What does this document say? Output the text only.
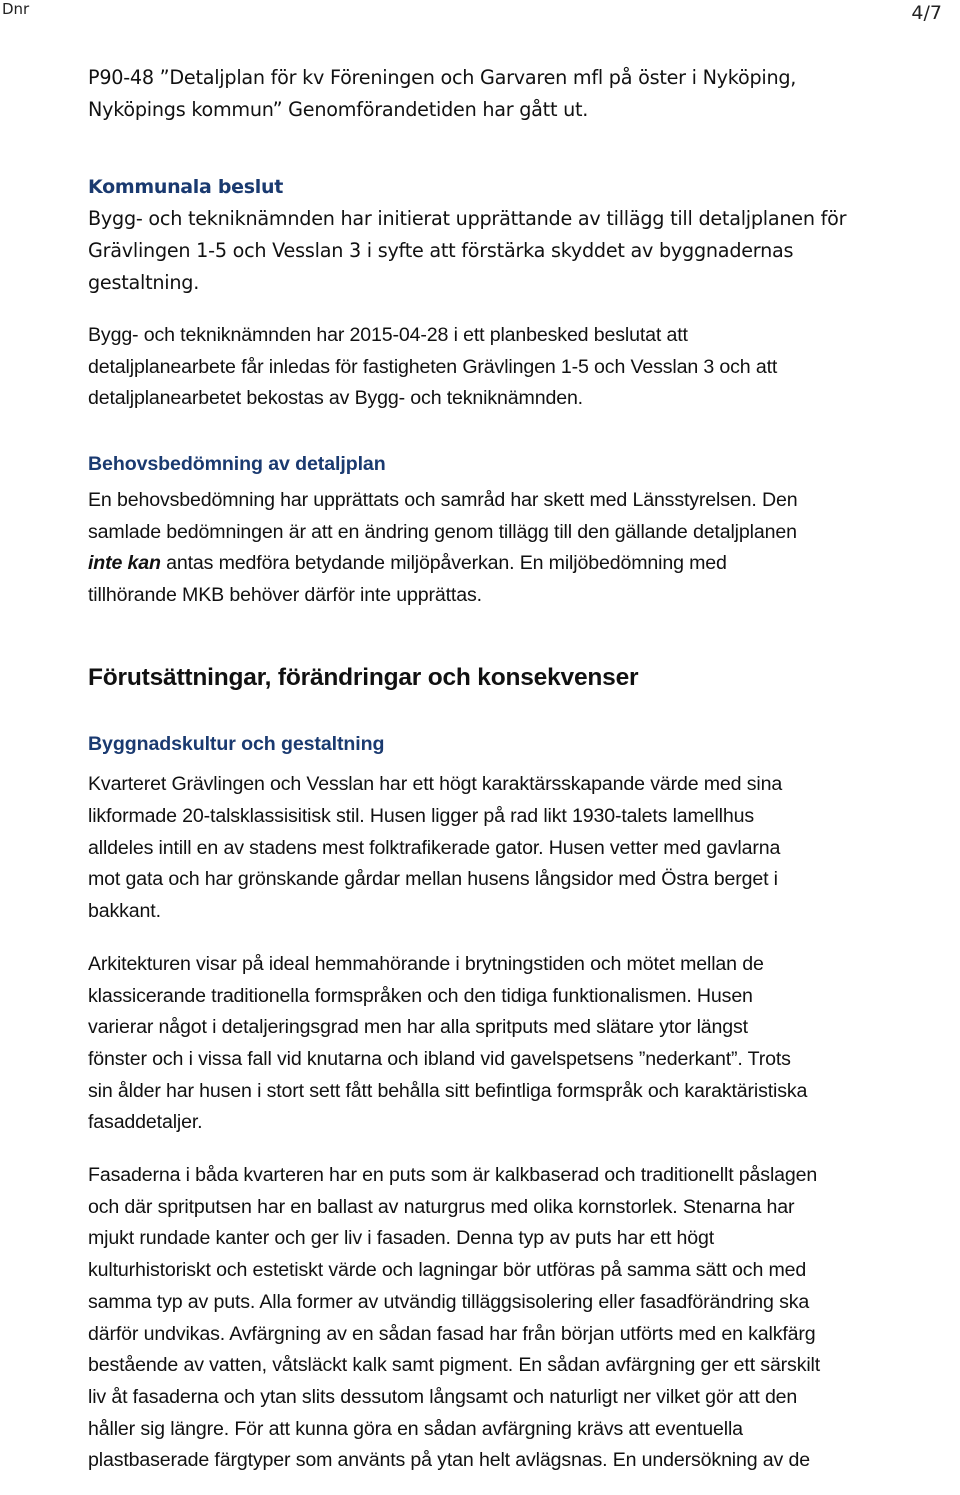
Dnr	4/7
P90-48 ”Detaljplan för kv Föreningen och Garvaren mfl på öster i Nyköping,
Nyköpings kommun” Genomförandetiden har gått ut.
Kommunala beslut
Bygg- och tekniknämnden har initierat upprättande av tillägg till detaljplanen för
Grävlingen 1-5 och Vesslan 3 i syfte att förstärka skyddet av byggnadernas
gestaltning.
Bygg- och tekniknämnden har 2015-04-28 i ett planbesked beslutat att
detaljplanearbete får inledas för fastigheten Grävlingen 1-5 och Vesslan 3 och att
detaljplanearbetet bekostas av Bygg- och tekniknämnden.
Behovsbedömning av detaljplan
En behovsbedömning har upprättats och samråd har skett med Länsstyrelsen. Den
samlade bedömningen är att en ändring genom tillägg till den gällande detaljplanen
inte kan antas medföra betydande miljöpåverkan. En miljöbedömning med
tillhörande MKB behöver därför inte upprättas.
Förutsättningar, förändringar och konsekvenser
Byggnadskultur och gestaltning
Kvarteret Grävlingen och Vesslan har ett högt karaktärsskapande värde med sina
likformade 20-talsklassisitisk stil. Husen ligger på rad likt 1930-talets lamellhus
alldeles intill en av stadens mest folktrafikerade gator. Husen vetter med gavlarna
mot gata och har grönskande gårdar mellan husens långsidor med Östra berget i
bakkant.
Arkitekturen visar på ideal hemmahörande i brytningstiden och mötet mellan de
klassicerande traditionella formspråken och den tidiga funktionalismen. Husen
varierar något i detaljeringsgrad men har alla spritputs med slätare ytor längst
fönster och i vissa fall vid knutarna och ibland vid gavelspetsens ”nederkant”. Trots
sin ålder har husen i stort sett fått behålla sitt befintliga formspråk och karaktäristiska
fasaddetaljer.
Fasaderna i båda kvarteren har en puts som är kalkbaserad och traditionellt påslagen
och där spritputsen har en ballast av naturgrus med olika kornstorlek. Stenarna har
mjukt rundade kanter och ger liv i fasaden. Denna typ av puts har ett högt
kulturhistoriskt och estetiskt värde och lagningar bör utföras på samma sätt och med
samma typ av puts. Alla former av utvändig tilläggsisolering eller fasadförändring ska
därför undvikas. Avfärgning av en sådan fasad har från början utförts med en kalkfärg
bestående av vatten, våtsläckt kalk samt pigment. En sådan avfärgning ger ett särskilt
liv åt fasaderna och ytan slits dessutom långsamt och naturligt ner vilket gör att den
håller sig längre. För att kunna göra en sådan avfärgning krävs att eventuella
plastbaserade färgtyper som använts på ytan helt avlägsnas. En undersökning av de
